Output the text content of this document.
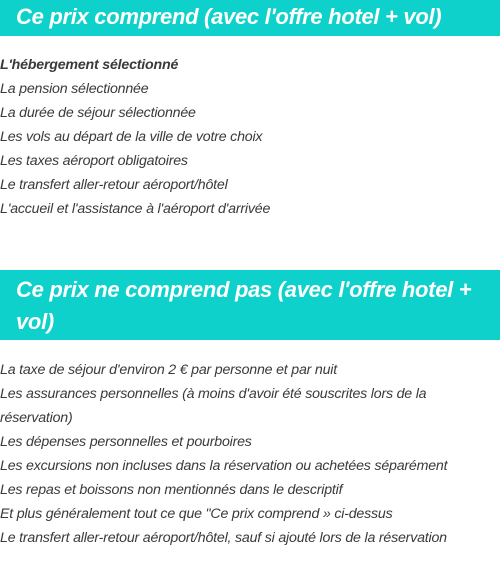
Ce prix comprend (avec l'offre hotel + vol)
L'hébergement sélectionné
La pension sélectionnée
La durée de séjour sélectionnée
Les vols au départ de la ville de votre choix
Les taxes aéroport obligatoires
Le transfert aller-retour aéroport/hôtel
L'accueil et l'assistance à l'aéroport d'arrivée
Ce prix ne comprend pas (avec l'offre hotel + vol)
La taxe de séjour d'environ 2 € par personne et par nuit
Les assurances personnelles (à moins d'avoir été souscrites lors de la réservation)
Les dépenses personnelles et pourboires
Les excursions non incluses dans la réservation ou achetées séparément
Les repas et boissons non mentionnés dans le descriptif
Et plus généralement tout ce que "Ce prix comprend » ci-dessus
Le transfert aller-retour aéroport/hôtel, sauf si ajouté lors de la réservation
